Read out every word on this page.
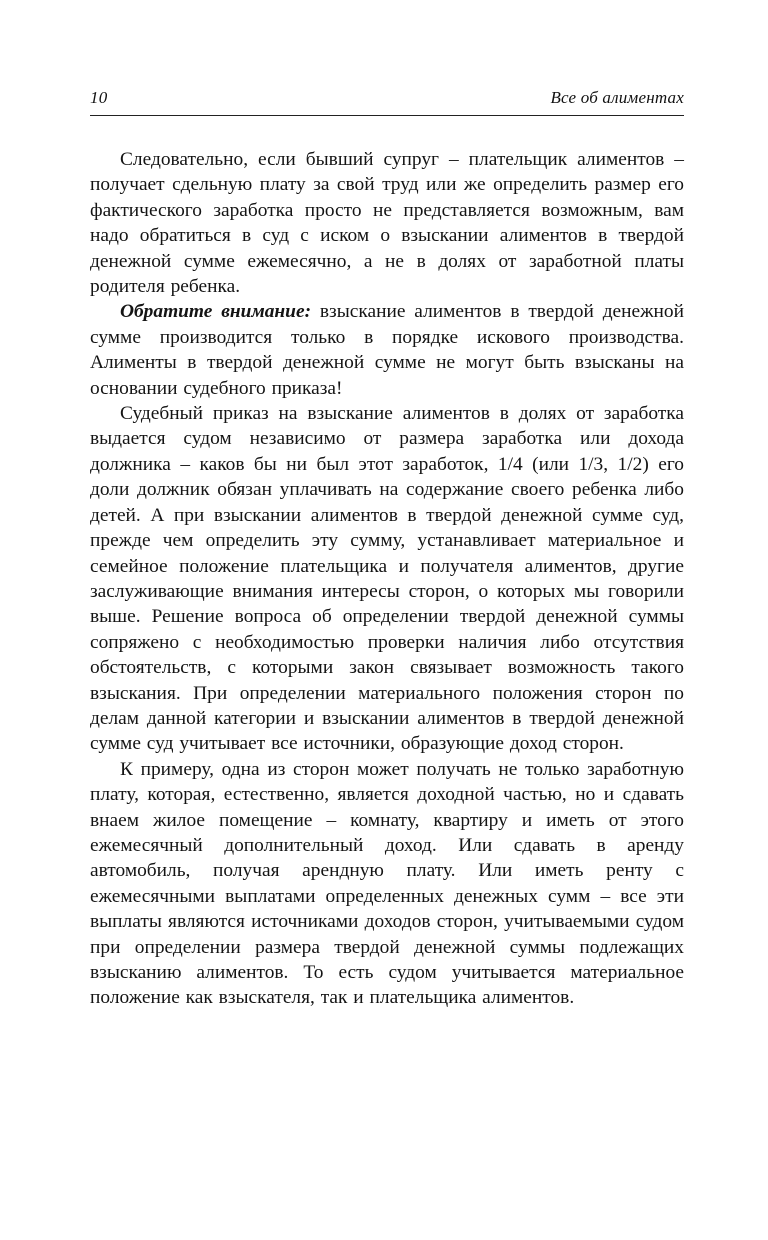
10	Все об алиментах

Следовательно, если бывший супруг – плательщик алиментов – получает сдельную плату за свой труд или же определить размер его фактического заработка просто не представляется возможным, вам надо обратиться в суд с иском о взыскании алиментов в твердой денежной сумме ежемесячно, а не в долях от заработной платы родителя ребенка.

Обратите внимание: взыскание алиментов в твердой денежной сумме производится только в порядке искового производства. Алименты в твердой денежной сумме не могут быть взысканы на основании судебного приказа!

Судебный приказ на взыскание алиментов в долях от заработка выдается судом независимо от размера заработка или дохода должника – каков бы ни был этот заработок, 1/4 (или 1/3, 1/2) его доли должник обязан уплачивать на содержание своего ребенка либо детей. А при взыскании алиментов в твердой денежной сумме суд, прежде чем определить эту сумму, устанавливает материальное и семейное положение плательщика и получателя алиментов, другие заслуживающие внимания интересы сторон, о которых мы говорили выше. Решение вопроса об определении твердой денежной суммы сопряжено с необходимостью проверки наличия либо отсутствия обстоятельств, с которыми закон связывает возможность такого взыскания. При определении материального положения сторон по делам данной категории и взыскании алиментов в твердой денежной сумме суд учитывает все источники, образующие доход сторон.

К примеру, одна из сторон может получать не только заработную плату, которая, естественно, является доходной частью, но и сдавать внаем жилое помещение – комнату, квартиру и иметь от этого ежемесячный дополнительный доход. Или сдавать в аренду автомобиль, получая арендную плату. Или иметь ренту с ежемесячными выплатами определенных денежных сумм – все эти выплаты являются источниками доходов сторон, учитываемыми судом при определении размера твердой денежной суммы подлежащих взысканию алиментов. То есть судом учитывается материальное положение как взыскателя, так и плательщика алиментов.
